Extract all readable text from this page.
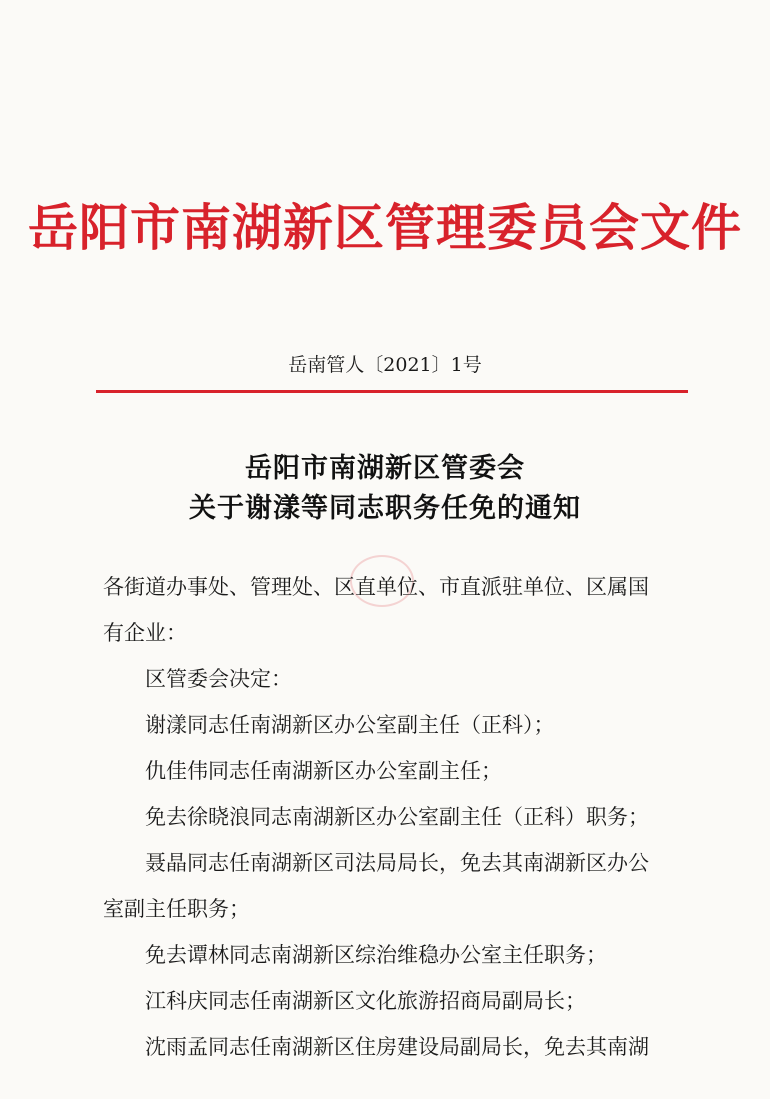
岳阳市南湖新区管理委员会文件
岳南管人〔2021〕1号
岳阳市南湖新区管委会
关于谢漾等同志职务任免的通知
各街道办事处、管理处、区直单位、市直派驻单位、区属国
有企业：
区管委会决定：
谢漾同志任南湖新区办公室副主任（正科）；
仇佳伟同志任南湖新区办公室副主任；
免去徐晓浪同志南湖新区办公室副主任（正科）职务；
聂晶同志任南湖新区司法局局长，免去其南湖新区办公
室副主任职务；
免去谭林同志南湖新区综治维稳办公室主任职务；
江科庆同志任南湖新区文化旅游招商局副局长；
沈雨孟同志任南湖新区住房建设局副局长，免去其南湖
